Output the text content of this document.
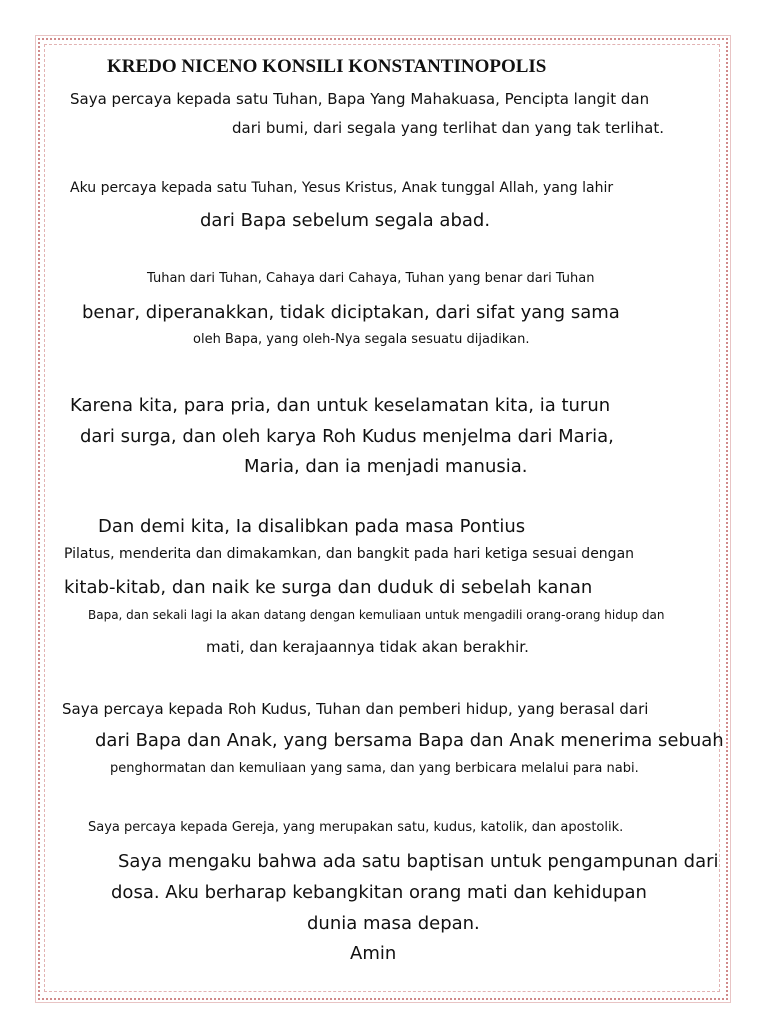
KREDO NICENO KONSILI KONSTANTINOPOLIS
Saya percaya kepada satu Tuhan, Bapa Yang Mahakuasa, Pencipta langit dan
dari bumi, dari segala yang terlihat dan yang tak terlihat.
Aku percaya kepada satu Tuhan, Yesus Kristus, Anak tunggal Allah, yang lahir
dari Bapa sebelum segala abad.
Tuhan dari Tuhan, Cahaya dari Cahaya, Tuhan yang benar dari Tuhan
benar, diperanakkan, tidak diciptakan, dari sifat yang sama
oleh Bapa, yang oleh-Nya segala sesuatu dijadikan.
Karena kita, para pria, dan untuk keselamatan kita, ia turun
dari surga, dan oleh karya Roh Kudus menjelma dari Maria,
Maria, dan ia menjadi manusia.
Dan demi kita, Ia disalibkan pada masa Pontius
Pilatus, menderita dan dimakamkan, dan bangkit pada hari ketiga sesuai dengan
kitab-kitab, dan naik ke surga dan duduk di sebelah kanan
Bapa, dan sekali lagi Ia akan datang dengan kemuliaan untuk mengadili orang-orang hidup dan
mati, dan kerajaannya tidak akan berakhir.
Saya percaya kepada Roh Kudus, Tuhan dan pemberi hidup, yang berasal dari
dari Bapa dan Anak, yang bersama Bapa dan Anak menerima sebuah
penghormatan dan kemuliaan yang sama, dan yang berbicara melalui para nabi.
Saya percaya kepada Gereja, yang merupakan satu, kudus, katolik, dan apostolik.
Saya mengaku bahwa ada satu baptisan untuk pengampunan dari
dosa. Aku berharap kebangkitan orang mati dan kehidupan
dunia masa depan.
Amin
